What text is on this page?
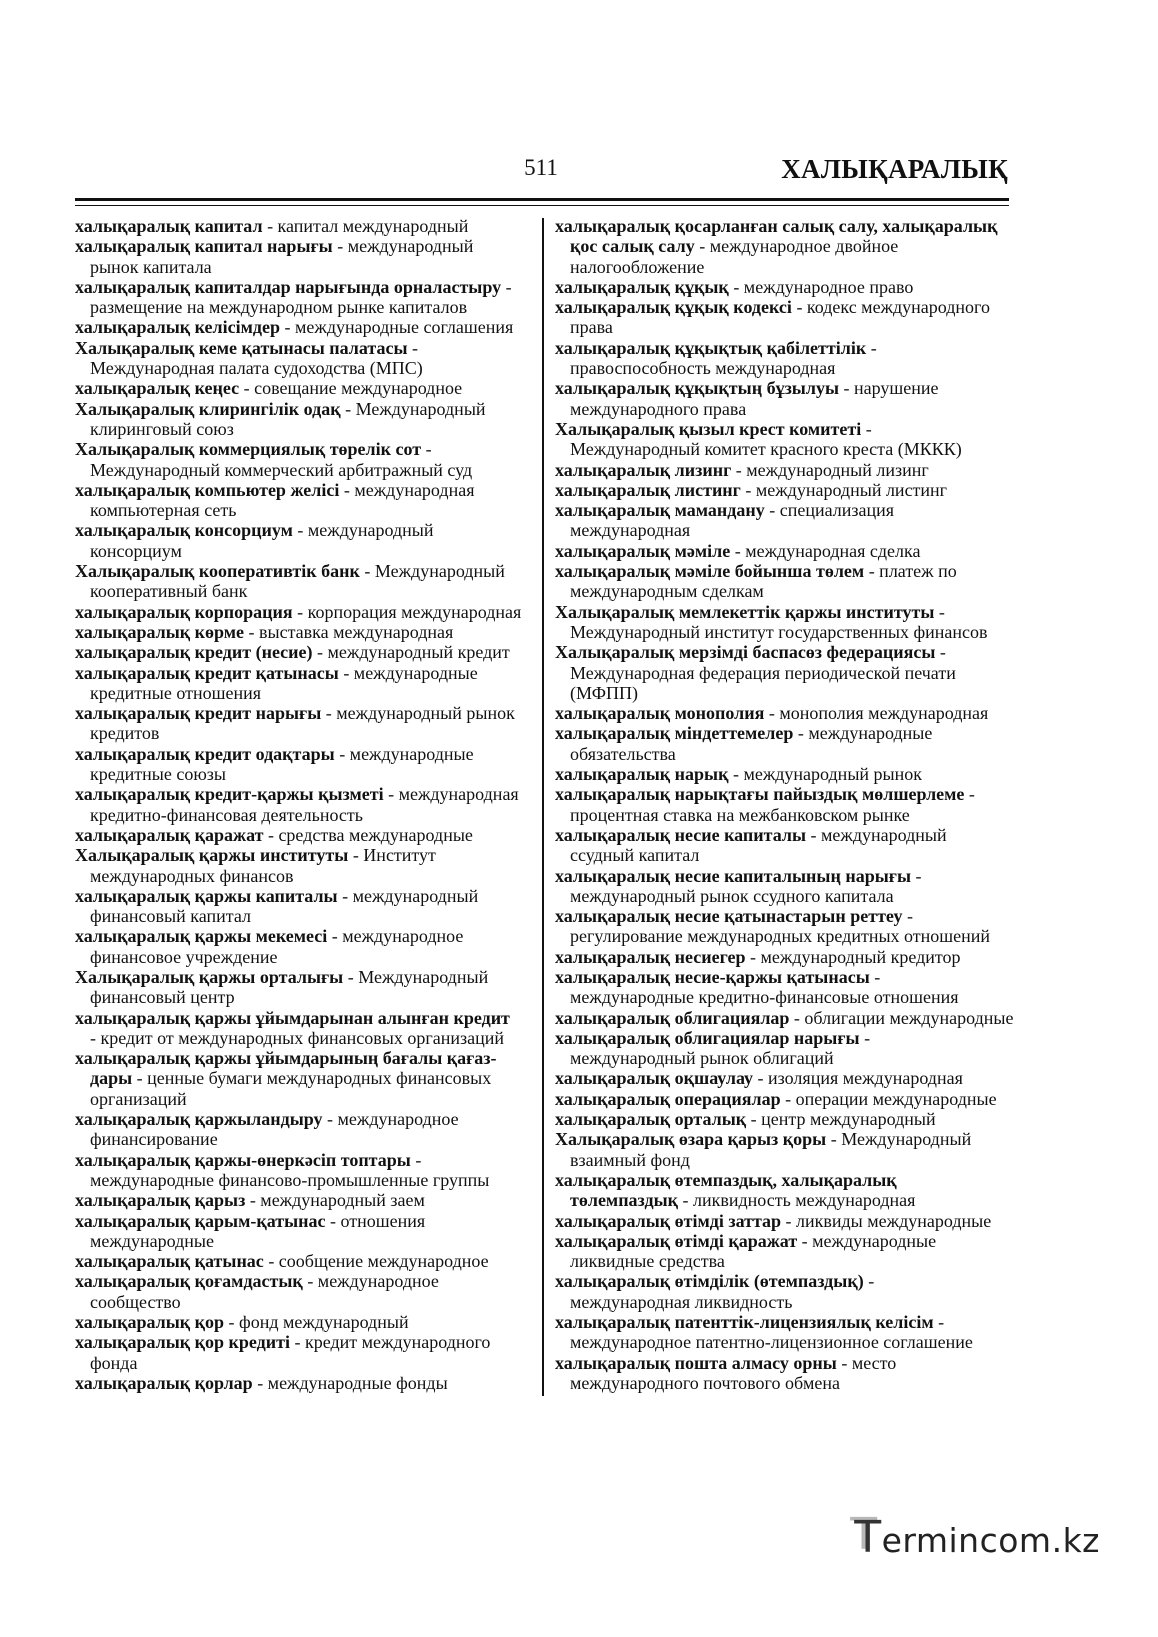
511	ХАЛЫҚАРАЛЫҚ
халықаралық капитал - капитал международный
халықаралық капитал нарығы - международный
рынок капитала
халықаралық капиталдар нарығында орналастыру -
размещение на международном рынке капиталов
халықаралық келісімдер - международные соглашения
Халықаралық кеме қатынасы палатасы -
Международная палата судоходства (МПС)
халықаралық кеңес - совещание международное
Халықаралық клирингілік одақ - Международный
клиринговый союз
Халықаралық коммерциялық төрелік сот -
Международный коммерческий арбитражный суд
халықаралық компьютер желісі - международная
компьютерная сеть
халықаралық консорциум - международный
консорциум
Халықаралық кооперативтік банк - Международный
кооперативный банк
халықаралық корпорация - корпорация международная
халықаралық көрме - выставка международная
халықаралық кредит (несие) - международный кредит
халықаралық кредит қатынасы - международные
кредитные отношения
халықаралық кредит нарығы - международный рынок
кредитов
халықаралық кредит одақтары - международные
кредитные союзы
халықаралық кредит-қаржы қызметі - международная
кредитно-финансовая деятельность
халықаралық қаражат - средства международные
Халықаралық қаржы институты - Институт
международных финансов
халықаралық қаржы капиталы - международный
финансовый капитал
халықаралық қаржы мекемесі - международное
финансовое учреждение
Халықаралық қаржы орталығы - Международный
финансовый центр
халықаралық қаржы ұйымдарынан алынған кредит
- кредит от международных финансовых организаций
халықаралық қаржы ұйымдарының бағалы қағаз-
дары - ценные бумаги международных финансовых
организаций
халықаралық қаржыландыру - международное
финансирование
халықаралық қаржы-өнеркәсіп топтары -
международные финансово-промышленные группы
халықаралық қарыз - международный заем
халықаралық қарым-қатынас - отношения
международные
халықаралық қатынас - сообщение международное
халықаралық қоғамдастық - международное
сообщество
халықаралық қор - фонд международный
халықаралық қор кредиті - кредит международного
фонда
халықаралық қорлар - международные фонды
халықаралық қосарланған салық салу, халықаралық
қос салық салу - международное двойное
налогообложение
халықаралық құқық - международное право
халықаралық құқық кодексі - кодекс международного
права
халықаралық құқықтық қабілеттілік -
правоспособность международная
халықаралық құқықтың бұзылуы - нарушение
международного права
Халықаралық қызыл крест комитеті -
Международный комитет красного креста (МККК)
халықаралық лизинг - международный лизинг
халықаралық листинг - международный листинг
халықаралық мамандану - специализация
международная
халықаралық мәміле - международная сделка
халықаралық мәміле бойынша төлем - платеж по
международным сделкам
Халықаралық мемлекеттік қаржы институты -
Международный институт государственных финансов
Халықаралық мерзімді баспасөз федерациясы -
Международная федерация периодической печати
(МФПП)
халықаралық монополия - монополия международная
халықаралық міндеттемелер - международные
обязательства
халықаралық нарық - международный рынок
халықаралық нарықтағы пайыздық мөлшерлеме -
процентная ставка на межбанковском рынке
халықаралық несие капиталы - международный
ссудный капитал
халықаралық несие капиталының нарығы -
международный рынок ссудного капитала
халықаралық несие қатынастарын реттеу -
регулирование международных кредитных отношений
халықаралық несиегер - международный кредитор
халықаралық несие-қаржы қатынасы -
международные кредитно-финансовые отношения
халықаралық облигациялар - облигации международные
халықаралық облигациялар нарығы -
международный рынок облигаций
халықаралық оқшаулау - изоляция международная
халықаралық операциялар - операции международные
халықаралық орталық - центр международный
Халықаралық өзара қарыз қоры - Международный
взаимный фонд
халықаралық өтемпаздық, халықаралық
төлемпаздық - ликвидность международная
халықаралық өтімді заттар - ликвиды международные
халықаралық өтімді қаражат - международные
ликвидные средства
халықаралық өтімділік (өтемпаздық) -
международная ликвидность
халықаралық патенттік-лицензиялық келісім -
международное патентно-лицензионное соглашение
халықаралық пошта алмасу орны - место
международного почтового обмена
Termincom.kz
